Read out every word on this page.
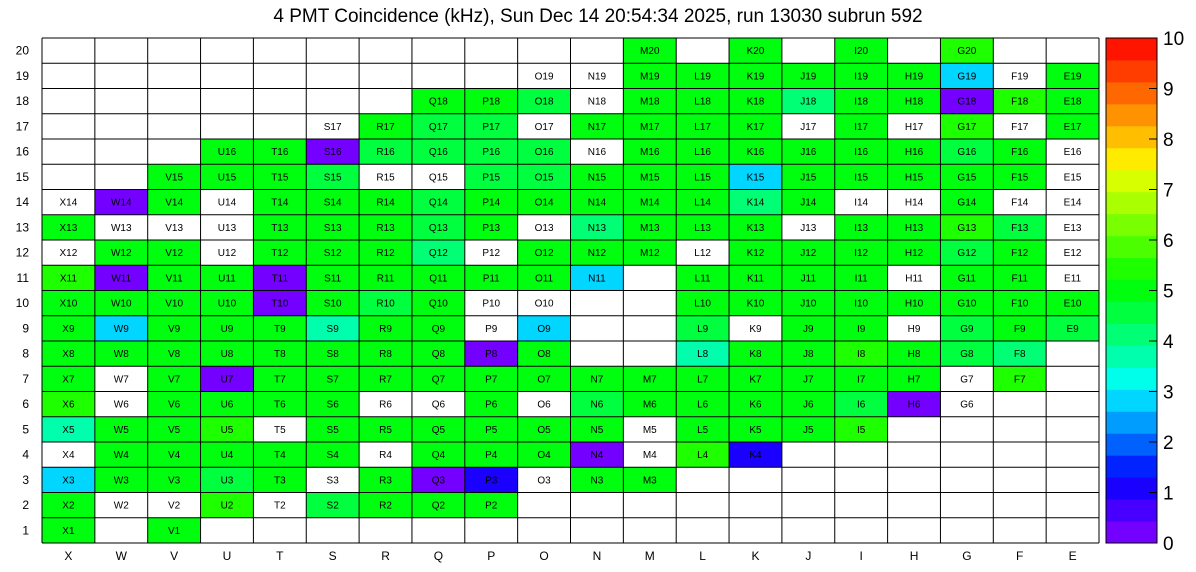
4 PMT Coincidence (kHz), Sun Dec 14 20:54:34 2025, run 13030 subrun 592
X1	V1
X2	W2	V2	U2	T2	S2	R2	Q2	P2
X3	W3	V3	U3	T3	S3	R3	Q3	P3	O3	N3	M3
X4	W4	V4	U4	T4	S4	R4	Q4	P4	O4	N4	M4	L4	K4
X5	W5	V5	U5	T5	S5	R5	Q5	P5	O5	N5	M5	L5	K5	J5	I5
X6	W6	V6	U6	T6	S6	R6	Q6	P6	O6	N6	M6	L6	K6	J6	I6	H6	G6
X7	W7	V7	U7	T7	S7	R7	Q7	P7	O7	N7	M7	L7	K7	J7	I7	H7	G7	F7
X8	W8	V8	U8	T8	S8	R8	Q8	P8	O8	L8	K8	J8	I8	H8	G8	F8
X9	W9	V9	U9	T9	S9	R9	Q9	P9	O9	L9	K9	J9	I9	H9	G9	F9	E9
X10	W10	V10	U10	T10	S10	R10	Q10	P10	O10	L10	K10	J10	I10	H10	G10	F10	E10
X11	W11	V11	U11	T11	S11	R11	Q11	P11	O11	N11	L11	K11	J11	I11	H11	G11	F11	E11
X12	W12	V12	U12	T12	S12	R12	Q12	P12	O12	N12	M12	L12	K12	J12	I12	H12	G12	F12	E12
X13	W13	V13	U13	T13	S13	R13	Q13	P13	O13	N13	M13	L13	K13	J13	I13	H13	G13	F13	E13
X14	W14	V14	U14	T14	S14	R14	Q14	P14	O14	N14	M14	L14	K14	J14	I14	H14	G14	F14	E14
V15	U15	T15	S15	R15	Q15	P15	O15	N15	M15	L15	K15	J15	I15	H15	G15	F15	E15
U16	T16	S16	R16	Q16	P16	O16	N16	M16	L16	K16	J16	I16	H16	G16	F16	E16
S17	R17	Q17	P17	O17	N17	M17	L17	K17	J17	I17	H17	G17	F17	E17
Q18	P18	O18	N18	M18	L18	K18	J18	I18	H18	G18	F18	E18
O19	N19	M19	L19	K19	J19	I19	H19	G19	F19	E19
M20	K20	I20	G20
X	W	V	U	T	S	R	Q	P	O	N	M	L	K	J	I	H	G	F	E
1
2
3
4
5
6
7
8
9
10
11
12
13
14
15
16
17
18
19
20
0
1
2
3
4
5
6
7
8
9
10
